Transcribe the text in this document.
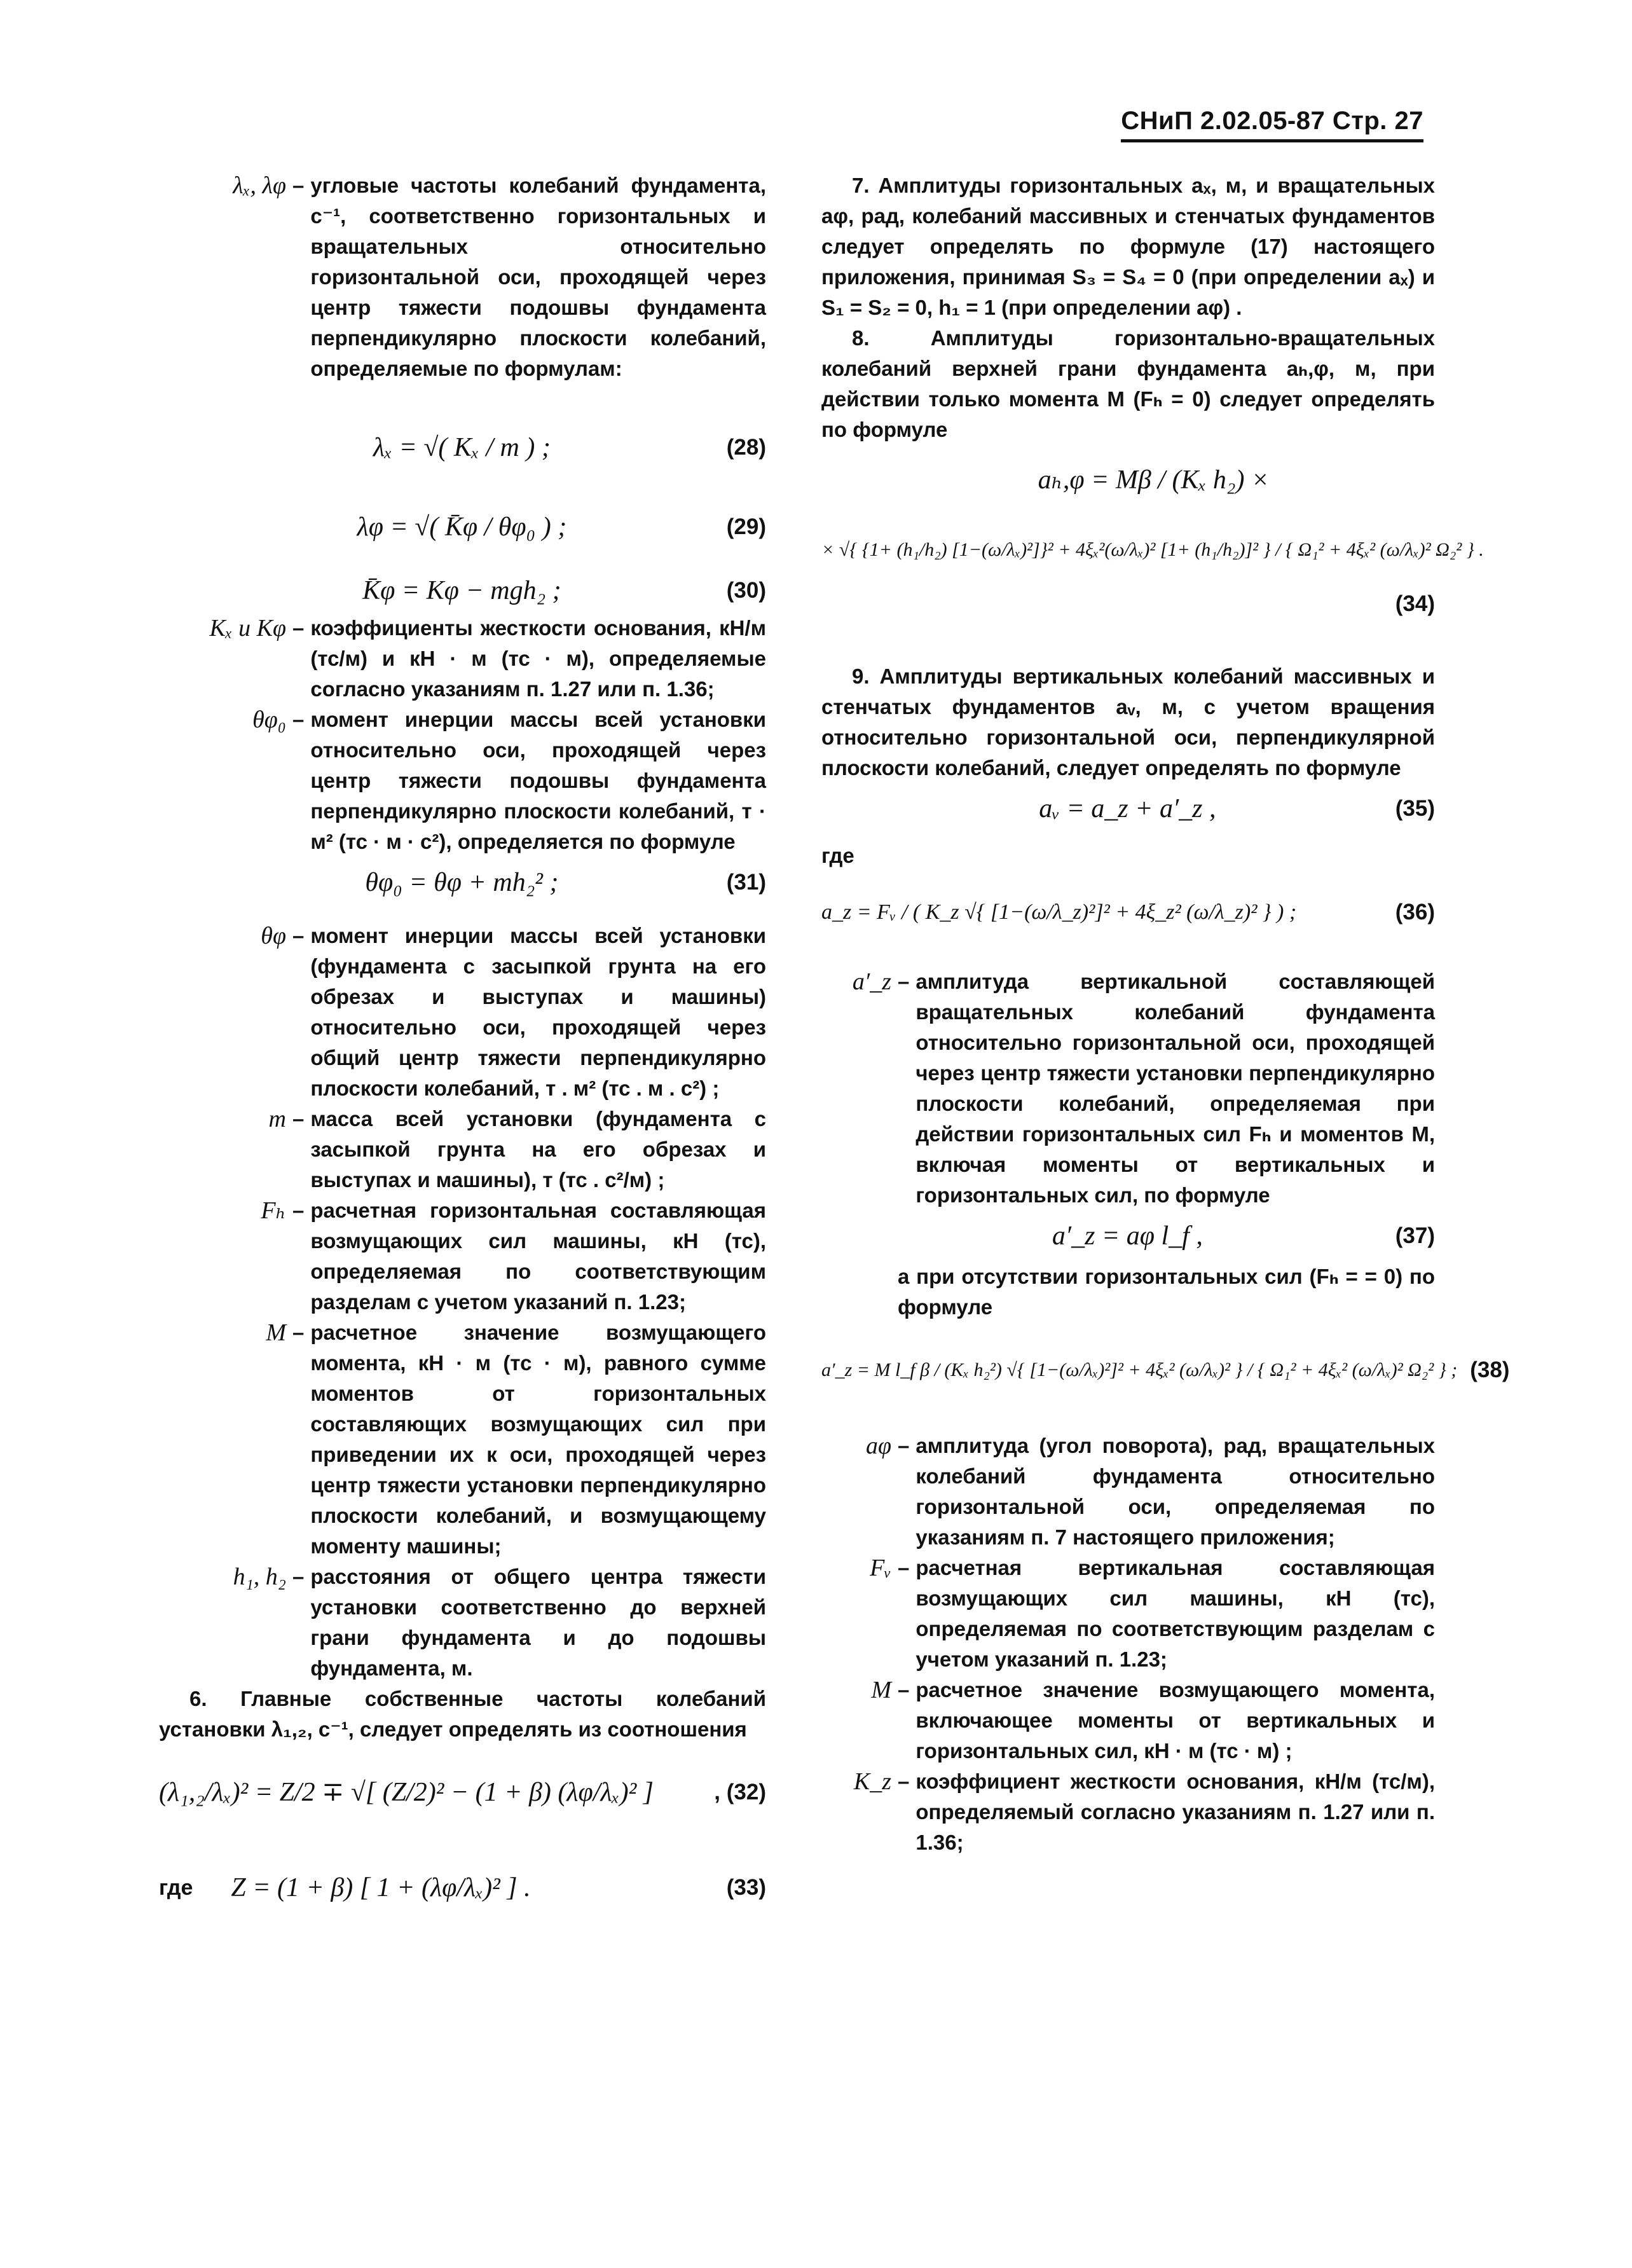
СНиП 2.02.05-87 Стр. 27
λₓ, λφ – угловые частоты колебаний фундамента, с⁻¹, соответственно горизонтальных и вращательных относительно горизонтальной оси, проходящей через центр тяжести подошвы фундамента перпендикулярно плоскости колебаний, определяемые по формулам:
λₓ = √( Kₓ / m ) ;	(28)
λφ = √( K̄φ / θφ₀ ) ;	(29)
K̄φ = Kφ − mgh₂ ;	(30)
Kₓ и Kφ – коэффициенты жесткости основания, кН/м (тс/м) и кН · м (тс · м), определяемые согласно указаниям п. 1.27 или п. 1.36;
θφ₀ – момент инерции массы всей установки относительно оси, проходящей через центр тяжести подошвы фундамента перпендикулярно плоскости колебаний, т · м² (тс · м · с²), определяется по формуле
θφ₀ = θφ + mh₂² ;	(31)
θφ – момент инерции массы всей установки (фундамента с засыпкой грунта на его обрезах и выступах и машины) относительно оси, проходящей через общий центр тяжести перпендикулярно плоскости колебаний, т . м² (тс . м . с²) ;
m – масса всей установки (фундамента с засыпкой грунта на его обрезах и выступах и машины), т (тс . с²/м) ;
Fₕ – расчетная горизонтальная составляющая возмущающих сил машины, кН (тс), определяемая по соответствующим разделам с учетом указаний п. 1.23;
M – расчетное значение возмущающего момента, кН · м (тс · м), равного сумме моментов от горизонтальных составляющих возмущающих сил при приведении их к оси, проходящей через центр тяжести установки перпендикулярно плоскости колебаний, и возмущающему моменту машины;
h₁, h₂ – расстояния от общего центра тяжести установки соответственно до верхней грани фундамента и до подошвы фундамента, м.

6. Главные собственные частоты колебаний установки λ₁,₂, с⁻¹, следует определять из соотношения

(λ₁,₂/λₓ)² = Z/2 ∓ √[ (Z/2)² − (1 + β) (λφ/λₓ)² ]	, (32)
где Z = (1 + β) [ 1 + (λφ/λₓ)² ] .	(33)

7. Амплитуды горизонтальных aₓ, м, и вращательных aφ, рад, колебаний массивных и стенчатых фундаментов следует определять по формуле (17) настоящего приложения, принимая S₃ = S₄ = 0 (при определении aₓ) и S₁ = S₂ = 0, h₁ = 1 (при определении aφ) .

8. Амплитуды горизонтально-вращательных колебаний верхней грани фундамента aₕ,φ, м, при действии только момента M (Fₕ = 0) следует определять по формуле

aₕ,φ = Mβ / (Kₓ h₂) ×
× √{ {1+ (h₁/h₂) [1−(ω/λₓ)²]}² + 4ξₓ²(ω/λₓ)² [1+ (h₁/h₂)]² } / { Ω₁² + 4ξₓ² (ω/λₓ)² Ω₂² } .
(34)

9. Амплитуды вертикальных колебаний массивных и стенчатых фундаментов aᵥ, м, с учетом вращения относительно горизонтальной оси, перпендикулярной плоскости колебаний, следует определять по формуле

aᵥ = a_z + a′_z ,	(35)

где

a_z = Fᵥ / ( K_z √{ [1−(ω/λ_z)²]² + 4ξ_z² (ω/λ_z)² } ) ;	(36)
a′_z – амплитуда вертикальной составляющей вращательных колебаний фундамента относительно горизонтальной оси, проходящей через центр тяжести установки перпендикулярно плоскости колебаний, определяемая при действии горизонтальных сил Fₕ и моментов M, включая моменты от вертикальных и горизонтальных сил, по формуле
a′_z = aφ l_f ,	(37)

а при отсутствии горизонтальных сил (Fₕ = = 0) по формуле

a′_z = M l_f β / (Kₓ h₂²) √{ [1−(ω/λₓ)²]² + 4ξₓ² (ω/λₓ)² } / { Ω₁² + 4ξₓ² (ω/λₓ)² Ω₂² } ; (38)
aφ – амплитуда (угол поворота), рад, вращательных колебаний фундамента относительно горизонтальной оси, определяемая по указаниям п. 7 настоящего приложения;
Fᵥ – расчетная вертикальная составляющая возмущающих сил машины, кН (тс), определяемая по соответствующим разделам с учетом указаний п. 1.23;
M – расчетное значение возмущающего момента, включающее моменты от вертикальных и горизонтальных сил, кН · м (тс · м) ;
K_z – коэффициент жесткости основания, кН/м (тс/м), определяемый согласно указаниям п. 1.27 или п. 1.36;
